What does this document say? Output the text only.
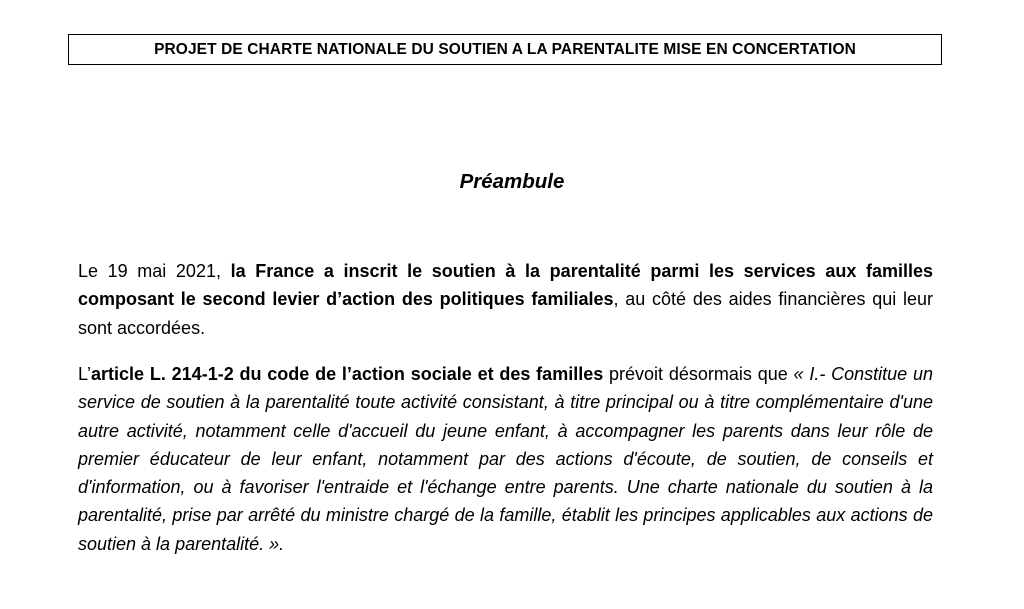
PROJET DE CHARTE NATIONALE DU SOUTIEN A LA PARENTALITE MISE EN CONCERTATION
Préambule

Le 19 mai 2021, la France a inscrit le soutien à la parentalité parmi les services aux familles composant le second levier d’action des politiques familiales, au côté des aides financières qui leur sont accordées.

L’article L. 214-1-2 du code de l’action sociale et des familles prévoit désormais que « I.- Constitue un service de soutien à la parentalité toute activité consistant, à titre principal ou à titre complémentaire d'une autre activité, notamment celle d'accueil du jeune enfant, à accompagner les parents dans leur rôle de premier éducateur de leur enfant, notamment par des actions d'écoute, de soutien, de conseils et d'information, ou à favoriser l'entraide et l'échange entre parents. Une charte nationale du soutien à la parentalité, prise par arrêté du ministre chargé de la famille, établit les principes applicables aux actions de soutien à la parentalité. ».
